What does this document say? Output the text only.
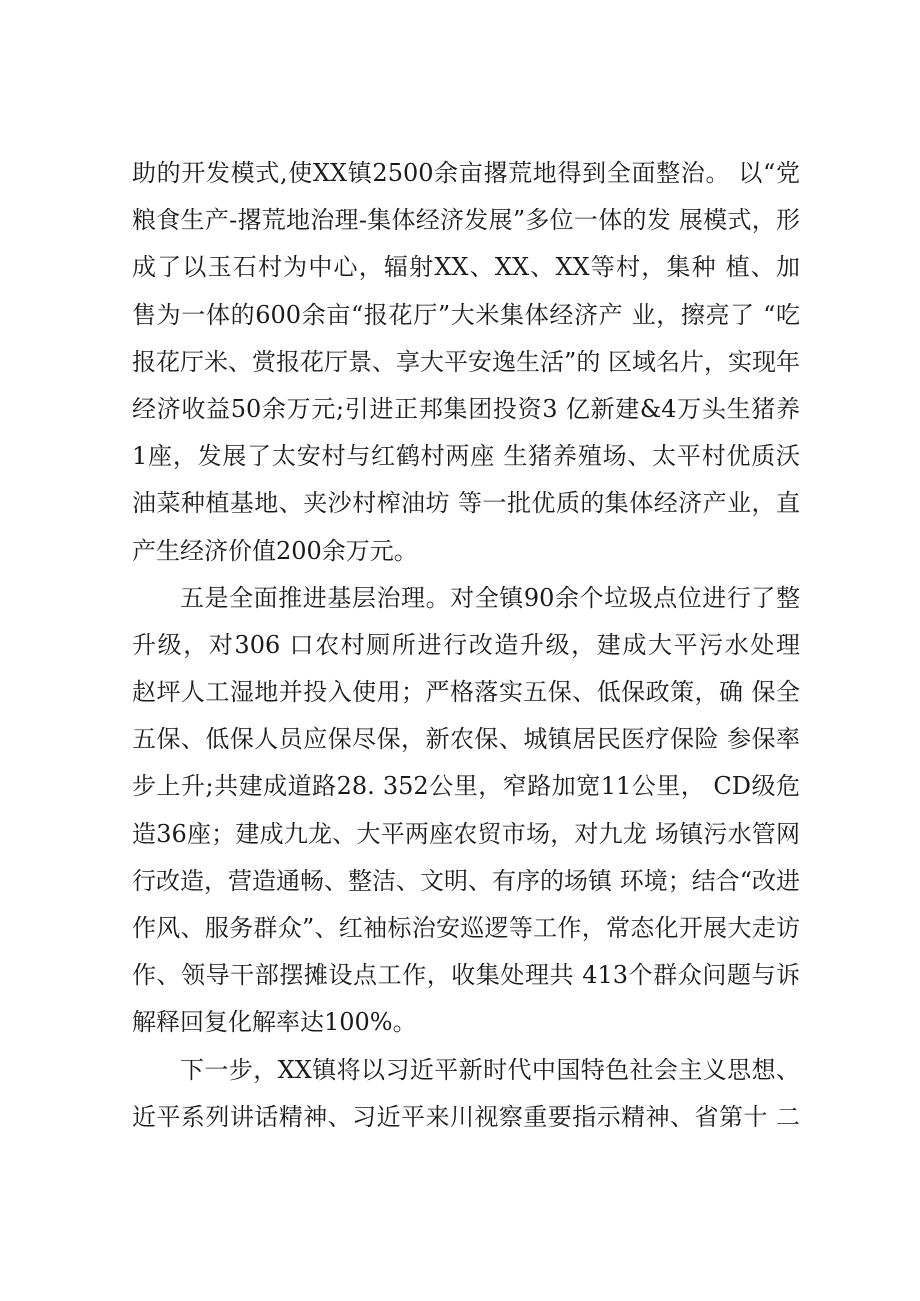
助的开发模式,使XX镇2500余亩撂荒地得到全面整治。 以“党
粮食生产-撂荒地治理-集体经济发展”多位一体的发 展模式，形
成了以玉石村为中心，辐射XX、XX、XX等村，集种 植、加
售为一体的600余亩“报花厅”大米集体经济产 业，擦亮了 “吃
报花厅米、赏报花厅景、享大平安逸生活”的 区域名片，实现年
经济收益50余万元;引进正邦集团投资3 亿新建&4万头生猪养
1座，发展了太安村与红鹤村两座 生猪养殖场、太平村优质沃
油菜种植基地、夹沙村榨油坊 等一批优质的集体经济产业，直
产生经济价值200余万元。
五是全面推进基层治理。对全镇90余个垃圾点位进行了整
升级，对306 口农村厕所进行改造升级，建成大平污水处理
赵坪人工湿地并投入使用；严格落实五保、低保政策，确 保全
五保、低保人员应保尽保，新农保、城镇居民医疗保险 参保率
步上升;共建成道路28. 352公里，窄路加宽11公里， CD级危
造36座；建成九龙、大平两座农贸市场，对九龙 场镇污水管网
行改造，营造通畅、整洁、文明、有序的场镇 环境；结合“改进
作风、服务群众”、红袖标治安巡逻等工作，常态化开展大走访
作、领导干部摆摊设点工作，收集处理共 413个群众问题与诉
解释回复化解率达100%。
下一步，XX镇将以习近平新时代中国特色社会主义思想、
近平系列讲话精神、习近平来川视察重要指示精神、省第十 二
